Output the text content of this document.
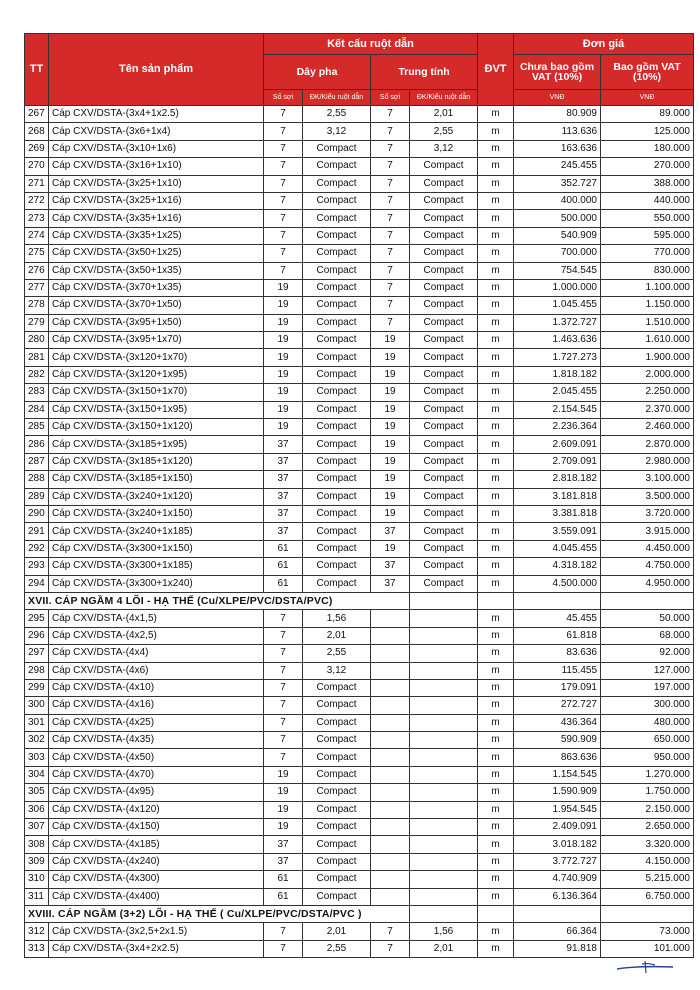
TT	Tên sản phẩm	Kết cấu ruột dẫn				ĐVT	Đơn giá	
		Dây pha		Trung tính			Chưa bao gồm VAT (10%)	Bao gồm VAT (10%)
		Số sợi	ĐK/Kiểu ruột dẫn	Số sợi	ĐK/Kiểu ruột dẫn		VNĐ	VNĐ
267	Cáp CXV/DSTA-(3x4+1x2.5)	7	2,55	7	2,01	m	80.909	89.000
268	Cáp CXV/DSTA-(3x6+1x4)	7	3,12	7	2,55	m	113.636	125.000
269	Cáp CXV/DSTA-(3x10+1x6)	7	Compact	7	3,12	m	163.636	180.000
270	Cáp CXV/DSTA-(3x16+1x10)	7	Compact	7	Compact	m	245.455	270.000
271	Cáp CXV/DSTA-(3x25+1x10)	7	Compact	7	Compact	m	352.727	388.000
272	Cáp CXV/DSTA-(3x25+1x16)	7	Compact	7	Compact	m	400.000	440.000
273	Cáp CXV/DSTA-(3x35+1x16)	7	Compact	7	Compact	m	500.000	550.000
274	Cáp CXV/DSTA-(3x35+1x25)	7	Compact	7	Compact	m	540.909	595.000
275	Cáp CXV/DSTA-(3x50+1x25)	7	Compact	7	Compact	m	700.000	770.000
276	Cáp CXV/DSTA-(3x50+1x35)	7	Compact	7	Compact	m	754.545	830.000
277	Cáp CXV/DSTA-(3x70+1x35)	19	Compact	7	Compact	m	1.000.000	1.100.000
278	Cáp CXV/DSTA-(3x70+1x50)	19	Compact	7	Compact	m	1.045.455	1.150.000
279	Cáp CXV/DSTA-(3x95+1x50)	19	Compact	7	Compact	m	1.372.727	1.510.000
280	Cáp CXV/DSTA-(3x95+1x70)	19	Compact	19	Compact	m	1.463.636	1.610.000
281	Cáp CXV/DSTA-(3x120+1x70)	19	Compact	19	Compact	m	1.727.273	1.900.000
282	Cáp CXV/DSTA-(3x120+1x95)	19	Compact	19	Compact	m	1.818.182	2.000.000
283	Cáp CXV/DSTA-(3x150+1x70)	19	Compact	19	Compact	m	2.045.455	2.250.000
284	Cáp CXV/DSTA-(3x150+1x95)	19	Compact	19	Compact	m	2.154.545	2.370.000
285	Cáp CXV/DSTA-(3x150+1x120)	19	Compact	19	Compact	m	2.236.364	2.460.000
286	Cáp CXV/DSTA-(3x185+1x95)	37	Compact	19	Compact	m	2.609.091	2.870.000
287	Cáp CXV/DSTA-(3x185+1x120)	37	Compact	19	Compact	m	2.709.091	2.980.000
288	Cáp CXV/DSTA-(3x185+1x150)	37	Compact	19	Compact	m	2.818.182	3.100.000
289	Cáp CXV/DSTA-(3x240+1x120)	37	Compact	19	Compact	m	3.181.818	3.500.000
290	Cáp CXV/DSTA-(3x240+1x150)	37	Compact	19	Compact	m	3.381.818	3.720.000
291	Cáp CXV/DSTA-(3x240+1x185)	37	Compact	37	Compact	m	3.559.091	3.915.000
292	Cáp CXV/DSTA-(3x300+1x150)	61	Compact	19	Compact	m	4.045.455	4.450.000
293	Cáp CXV/DSTA-(3x300+1x185)	61	Compact	37	Compact	m	4.318.182	4.750.000
294	Cáp CXV/DSTA-(3x300+1x240)	61	Compact	37	Compact	m	4.500.000	4.950.000
XVII. CÁP NGẦM 4 LÕI - HẠ THẾ (Cu/XLPE/PVC/DSTA/PVC)								
295	Cáp CXV/DSTA-(4x1,5)	7	1,56			m	45.455	50.000
296	Cáp CXV/DSTA-(4x2,5)	7	2,01			m	61.818	68.000
297	Cáp CXV/DSTA-(4x4)	7	2,55			m	83.636	92.000
298	Cáp CXV/DSTA-(4x6)	7	3,12			m	115.455	127.000
299	Cáp CXV/DSTA-(4x10)	7	Compact			m	179.091	197.000
300	Cáp CXV/DSTA-(4x16)	7	Compact			m	272.727	300.000
301	Cáp CXV/DSTA-(4x25)	7	Compact			m	436.364	480.000
302	Cáp CXV/DSTA-(4x35)	7	Compact			m	590.909	650.000
303	Cáp CXV/DSTA-(4x50)	7	Compact			m	863.636	950.000
304	Cáp CXV/DSTA-(4x70)	19	Compact			m	1.154.545	1.270.000
305	Cáp CXV/DSTA-(4x95)	19	Compact			m	1.590.909	1.750.000
306	Cáp CXV/DSTA-(4x120)	19	Compact			m	1.954.545	2.150.000
307	Cáp CXV/DSTA-(4x150)	19	Compact			m	2.409.091	2.650.000
308	Cáp CXV/DSTA-(4x185)	37	Compact			m	3.018.182	3.320.000
309	Cáp CXV/DSTA-(4x240)	37	Compact			m	3.772.727	4.150.000
310	Cáp CXV/DSTA-(4x300)	61	Compact			m	4.740.909	5.215.000
311	Cáp CXV/DSTA-(4x400)	61	Compact			m	6.136.364	6.750.000
XVIII. CÁP NGẦM (3+2) LÕI - HẠ THẾ ( Cu/XLPE/PVC/DSTA/PVC )								
312	Cáp CXV/DSTA-(3x2,5+2x1.5)	7	2,01	7	1,56	m	66.364	73.000
313	Cáp CXV/DSTA-(3x4+2x2.5)	7	2,55	7	2,01	m	91.818	101.000
